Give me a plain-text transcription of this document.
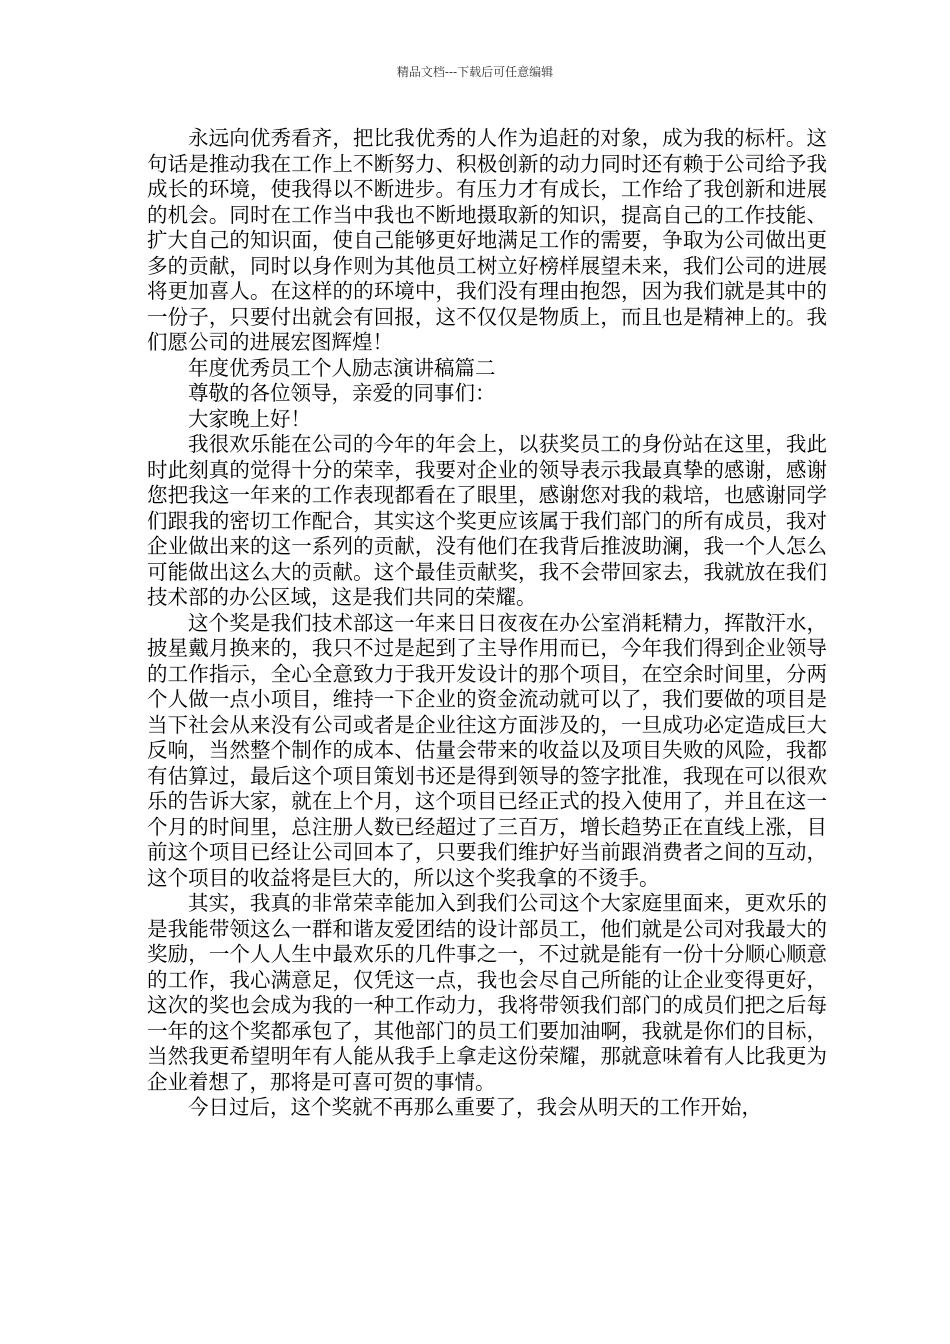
精品文档---下载后可任意编辑

永远向优秀看齐，把比我优秀的人作为追赶的对象，成为我的标杆。这句话是推动我在工作上不断努力、积极创新的动力同时还有赖于公司给予我成长的环境，使我得以不断进步。有压力才有成长，工作给了我创新和进展的机会。同时在工作当中我也不断地摄取新的知识，提高自己的工作技能、扩大自己的知识面，使自己能够更好地满足工作的需要，争取为公司做出更多的贡献，同时以身作则为其他员工树立好榜样展望未来，我们公司的进展将更加喜人。在这样的的环境中，我们没有理由抱怨，因为我们就是其中的一份子，只要付出就会有回报，这不仅仅是物质上，而且也是精神上的。我们愿公司的进展宏图辉煌！

年度优秀员工个人励志演讲稿篇二

尊敬的各位领导，亲爱的同事们：

大家晚上好！

我很欢乐能在公司的今年的年会上，以获奖员工的身份站在这里，我此时此刻真的觉得十分的荣幸，我要对企业的领导表示我最真挚的感谢，感谢您把我这一年来的工作表现都看在了眼里，感谢您对我的栽培，也感谢同学们跟我的密切工作配合，其实这个奖更应该属于我们部门的所有成员，我对企业做出来的这一系列的贡献，没有他们在我背后推波助澜，我一个人怎么可能做出这么大的贡献。这个最佳贡献奖，我不会带回家去，我就放在我们技术部的办公区域，这是我们共同的荣耀。

这个奖是我们技术部这一年来日日夜夜在办公室消耗精力，挥散汗水，披星戴月换来的，我只不过是起到了主导作用而已，今年我们得到企业领导的工作指示，全心全意致力于我开发设计的那个项目，在空余时间里，分两个人做一点小项目，维持一下企业的资金流动就可以了，我们要做的项目是当下社会从来没有公司或者是企业往这方面涉及的，一旦成功必定造成巨大反响，当然整个制作的成本、估量会带来的收益以及项目失败的风险，我都有估算过，最后这个项目策划书还是得到领导的签字批准，我现在可以很欢乐的告诉大家，就在上个月，这个项目已经正式的投入使用了，并且在这一个月的时间里，总注册人数已经超过了三百万，增长趋势正在直线上涨，目前这个项目已经让公司回本了，只要我们维护好当前跟消费者之间的互动，这个项目的收益将是巨大的，所以这个奖我拿的不烫手。

其实，我真的非常荣幸能加入到我们公司这个大家庭里面来，更欢乐的是我能带领这么一群和谐友爱团结的设计部员工，他们就是公司对我最大的奖励，一个人人生中最欢乐的几件事之一，不过就是能有一份十分顺心顺意的工作，我心满意足，仅凭这一点，我也会尽自己所能的让企业变得更好，这次的奖也会成为我的一种工作动力，我将带领我们部门的成员们把之后每一年的这个奖都承包了，其他部门的员工们要加油啊，我就是你们的目标，当然我更希望明年有人能从我手上拿走这份荣耀，那就意味着有人比我更为企业着想了，那将是可喜可贺的事情。

今日过后，这个奖就不再那么重要了，我会从明天的工作开始，
